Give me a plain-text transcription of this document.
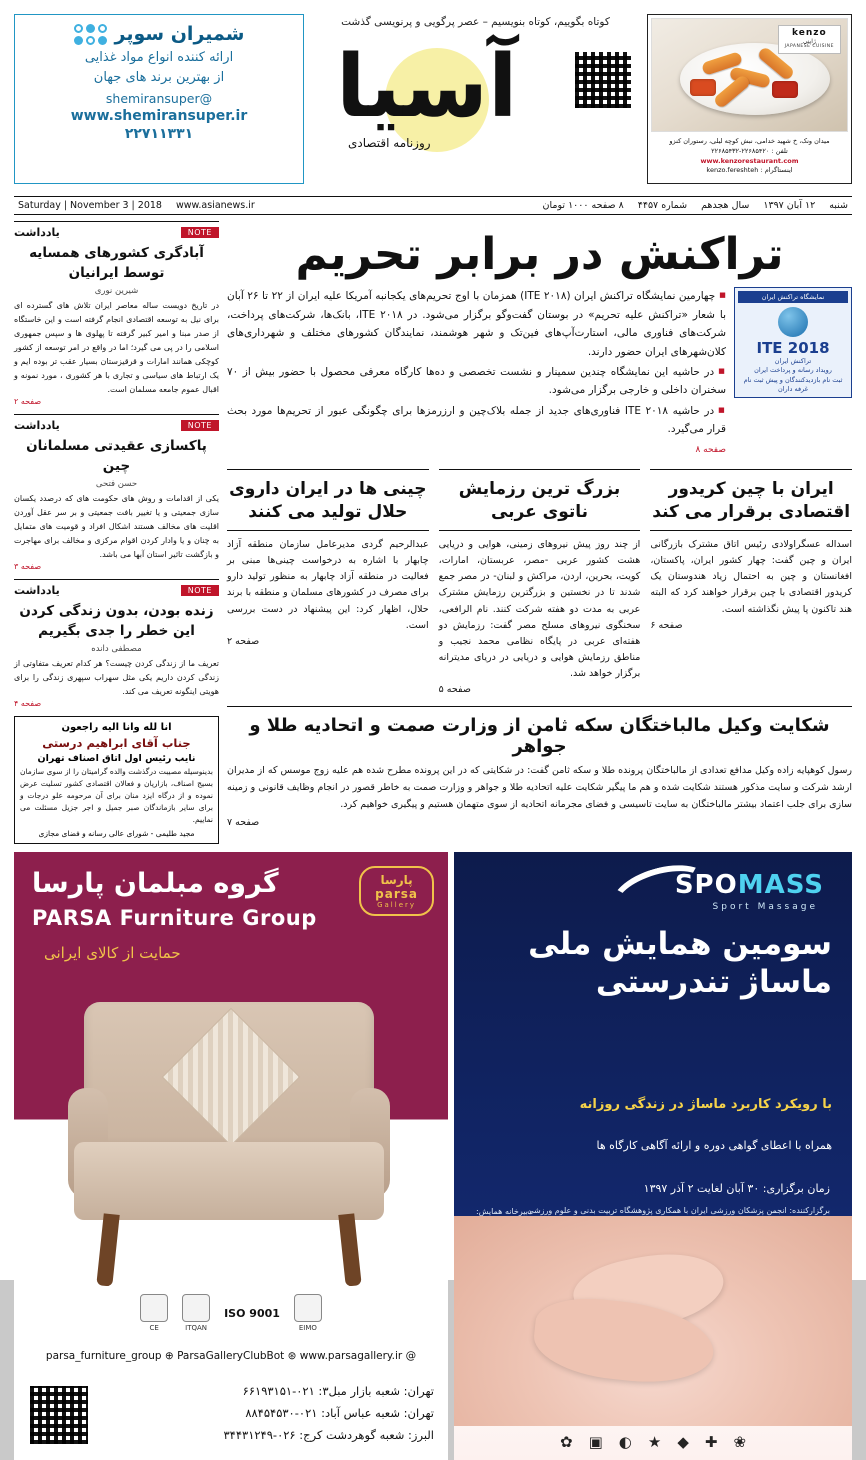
kenzo
ژاپنی
JAPANESE CUISINE
میدان ونک، خ شهید خدامی، نبش کوچه لیلی، رستوران کنزو
تلفن : ۲۲۶۸۵۴۲۰-۲۲۶۸۵۴۳۲
www.kenzorestaurant.com
اینستاگرام : kenzo.fereshteh
کوتاه بگوییم، کوتاه بنویسیم – عصر پرگویی و پرنویسی گذشت
آسیا
روزنامه اقتصادی
شمیران سوپر
ارائه کننده انواع مواد غذایی
از بهترین برند های جهان
@shemiransuper
www.shemiransuper.ir
۲۲۷۱۱۳۳۱
شنبه
۱۲ آبان ۱۳۹۷
سال هجدهم
شماره ۴۴۵۷
۸ صفحه ۱۰۰۰ تومان
www.asianews.ir
Saturday | November 3 | 2018
تراکنش در برابر تحریم
نمایشگاه تراکنش ایران
ITE 2018
تراکنش ایران
رویداد رسانه و پرداخت ایران
ثبت نام بازدیدکنندگان و پیش ثبت نام غرفه داران
■ چهارمین نمایشگاه تراکنش ایران (ITE ۲۰۱۸) همزمان با اوج تحریم‌های یکجانبه آمریکا علیه ایران از ۲۲ تا ۲۶ آبان با شعار «تراکنش علیه تحریم» در بوستان گفت‌وگو برگزار می‌شود. در ITE ۲۰۱۸، بانک‌ها، شرکت‌های پرداخت، شرکت‌های فناوری مالی، استارت‌آپ‌های فین‌تک و شهر هوشمند، نمایندگان کشورهای مختلف و شهرداری‌های کلان‌شهرهای ایران حضور دارند.
■ در حاشیه این نمایشگاه چندین سمینار و نشست تخصصی و ده‌ها کارگاه معرفی محصول با حضور بیش از ۷۰ سخنران داخلی و خارجی برگزار می‌شود.
■ در حاشیه ITE ۲۰۱۸ فناوری‌های جدید از جمله بلاک‌چین و ارزرمزها برای چگونگی عبور از تحریم‌ها مورد بحث قرار می‌گیرد.
صفحه ۸
ایران با چین کریدور اقتصادی برقرار می کند

اسداله عسگراولادی رئیس اتاق مشترک بازرگانی ایران و چین گفت: چهار کشور ایران، پاکستان، افغانستان و چین به احتمال زیاد هندوستان یک کریدور اقتصادی با چین برقرار خواهند کرد که البته هند تاکنون پا پیش نگذاشته است.

صفحه ۶

بزرگ ترین رزمایش ناتوی عربی

از چند روز پیش نیروهای زمینی، هوایی و دریایی هشت کشور عربی -مصر، عربستان، امارات، کویت، بحرین، اردن، مراکش و لبنان- در مصر جمع شدند تا در نخستین و بزرگترین رزمایش مشترک عربی به مدت دو هفته شرکت کنند. نام الرافعی، سخنگوی نیروهای مسلح مصر گفت: رزمایش دو هفته‌ای عربی در پایگاه نظامی محمد نجیب و مناطق رزمایش هوایی و دریایی در دریای مدیترانه برگزار خواهد شد.

صفحه ۵

چینی ها در ایران داروی حلال تولید می کنند

عبدالرحیم گردی مدیرعامل سازمان منطقه آزاد چابهار با اشاره به درخواست چینی‌ها مبنی بر فعالیت در منطقه آزاد چابهار به منظور تولید دارو برای مصرف در کشورهای مسلمان و منطقه با برند حلال، اظهار کرد: این پیشنهاد در دست بررسی است.

صفحه ۲

شکایت وکیل مالباختگان سکه ثامن از وزارت صمت و اتحادیه طلا و جواهر

رسول کوهپایه زاده وکیل مدافع تعدادی از مالباختگان پرونده طلا و سکه ثامن گفت: در شکایتی که در این پرونده مطرح شده هم علیه زوج موسس که از مدیران ارشد شرکت و سایت مذکور هستند شکایت شده و هم ما پیگیر شکایت علیه اتحادیه طلا و جواهر و وزارت صمت به خاطر قصور در انجام وظایف قانونی و زمینه سازی برای جلب اعتماد بیشتر مالباختگان به سایت تاسیسی و فضای مجرمانه اتحادیه از سوی متهمان هستیم و پیگیری خواهیم کرد.

صفحه ۷

NOTE
یادداشت
آبادگری کشورهای همسایه توسط ایرانیان
شیرین نوری

در تاریخ دویست ساله معاصر ایران تلاش های گسترده ای برای نیل به توسعه اقتصادی انجام گرفته است و این خاستگاه از صدر مبنا و امیر کبیر گرفته تا پهلوی ها و سپس جمهوری اسلامی را در پی می گیرد؛ اما در واقع در امر توسعه از کشور کوچکی همانند امارات و قرقیزستان بسیار عقب تر بوده ایم و یک ارتباط های سیاسی و تجاری با هر کشوری ، مورد نمونه و اقبال عموم جامعه مسلمان است.

صفحه ۲
NOTE
یادداشت
پاکسازی عقیدتی مسلمانان چین
حسن فتحی

یکی از اقدامات و روش های حکومت های که درصدد یکسان سازی جمعیتی و یا تغییر بافت جمعیتی و بر سر عقل آوردن اقلیت های مخالف هستند اشکال افراد و قومیت های متمایل به چنان و یا وادار کردن اقوام مرکزی و مخالف برای مهاجرت و بازگشت تاثیر استان آبها می باشد.

صفحه ۳
NOTE
یادداشت
زنده بودن، بدون زندگی کردن این خطر را جدی بگیریم
مصطفی دانده

تعریف ما از زندگی کردن چیست؟ هر کدام تعریف متفاوتی از زندگی کردن داریم یکی مثل سهراب سپهری زندگی را برای هویتی اینگونه تعریف می کند.

صفحه ۴
انا لله وانا الیه راجعون
جناب آقای ابراهیم درستی
نایب رئیس اول اتاق اصناف تهران

بدینوسیله مصیبت درگذشت والده گرامیتان را از سوی سازمان بسیج اصناف، بازاریان و فعالان اقتصادی کشور تسلیت عرض نموده و از درگاه ایزد منان برای آن مرحومه علو درجات و برای سایر بازماندگان صبر جمیل و اجر جزیل مسئلت می نماییم.

مجید طلیمی - شورای عالی رسانه و فضای مجازی
SPOMASS
Sport Massage
سومین همایش ملی ماساژ تندرستی
با رویکرد کاربرد ماساژ در زندگی روزانه
همراه با اعطای گواهی دوره و ارائه آگاهی کارگاه ها
زمان برگزاری: ۳۰ آبان لغایت ۲ آذر ۱۳۹۷
برگزارکننده: انجمن پزشکان ورزشی ایران با همکاری پژوهشگاه تربیت بدنی و علوم ورزشی
دبیرخانه همایش:
❀
✚
◆
★
◐
▣
✿
پارسا
parsa
Gallery
گروه مبلمان پارسا
PARSA Furniture Group
حمایت از کالای ایرانی
EIMO
ISO 9001
ITQAN
CE
@ parsa_furniture_group ⊕ ParsaGalleryClubBot ⊛ www.parsagallery.ir
تهران: شعبه بازار مبل۳: ۰۲۱-۶۶۱۹۳۱۵۱
تهران: شعبه عباس آباد: ۰۲۱-۸۸۴۵۴۵۳۰
البرز: شعبه گوهردشت کرج: ۰۲۶-۳۴۴۳۱۲۴۹
